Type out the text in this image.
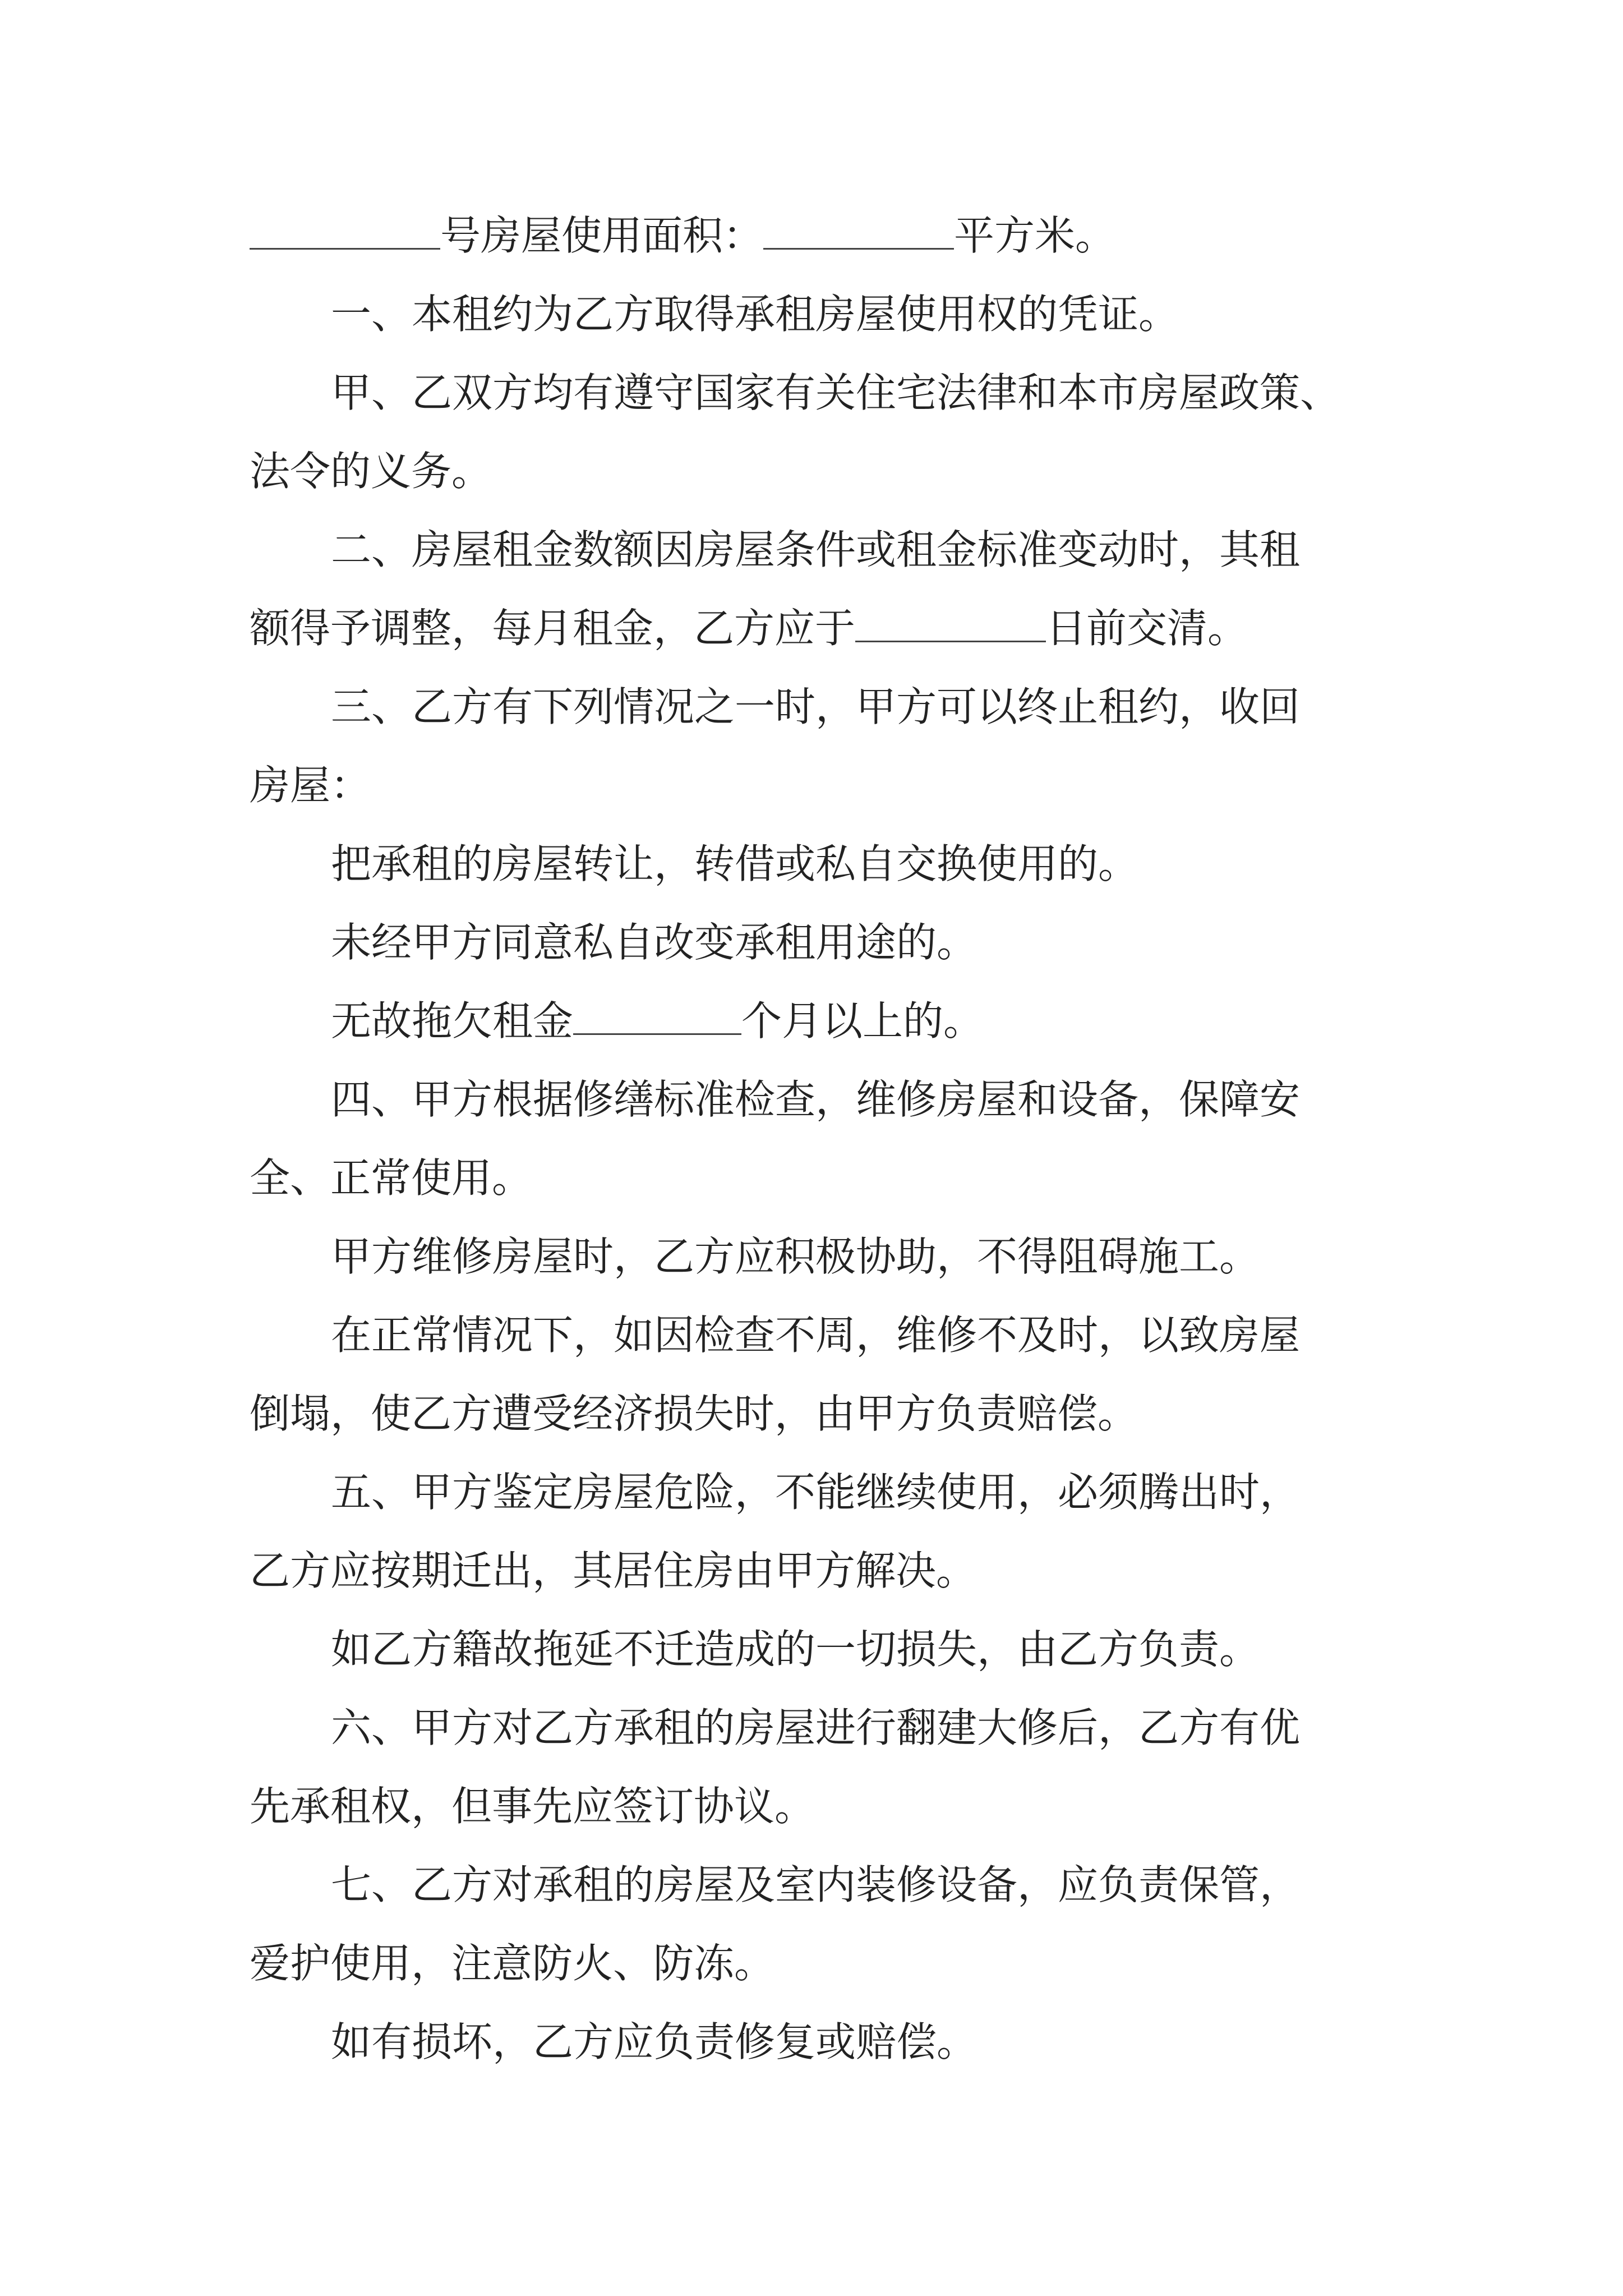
号房屋使用面积：	平方米。
一、本租约为乙方取得承租房屋使用权的凭证。
甲、乙双方均有遵守国家有关住宅法律和本市房屋政策、
法令的义务。
二、房屋租金数额因房屋条件或租金标准变动时，其租
额得予调整，每月租金，乙方应于	日前交清。
三、乙方有下列情况之一时，甲方可以终止租约，收回
房屋：
把承租的房屋转让，转借或私自交换使用的。
未经甲方同意私自改变承租用途的。
无故拖欠租金	个月以上的。
四、甲方根据修缮标准检查，维修房屋和设备，保障安
全、正常使用。
甲方维修房屋时，乙方应积极协助，不得阻碍施工。
在正常情况下，如因检查不周，维修不及时，以致房屋
倒塌，使乙方遭受经济损失时，由甲方负责赔偿。
五、甲方鉴定房屋危险，不能继续使用，必须腾出时，
乙方应按期迁出，其居住房由甲方解决。
如乙方籍故拖延不迁造成的一切损失，由乙方负责。
六、甲方对乙方承租的房屋进行翻建大修后，乙方有优
先承租权，但事先应签订协议。
七、乙方对承租的房屋及室内装修设备，应负责保管，
爱护使用，注意防火、防冻。
如有损坏，乙方应负责修复或赔偿。
